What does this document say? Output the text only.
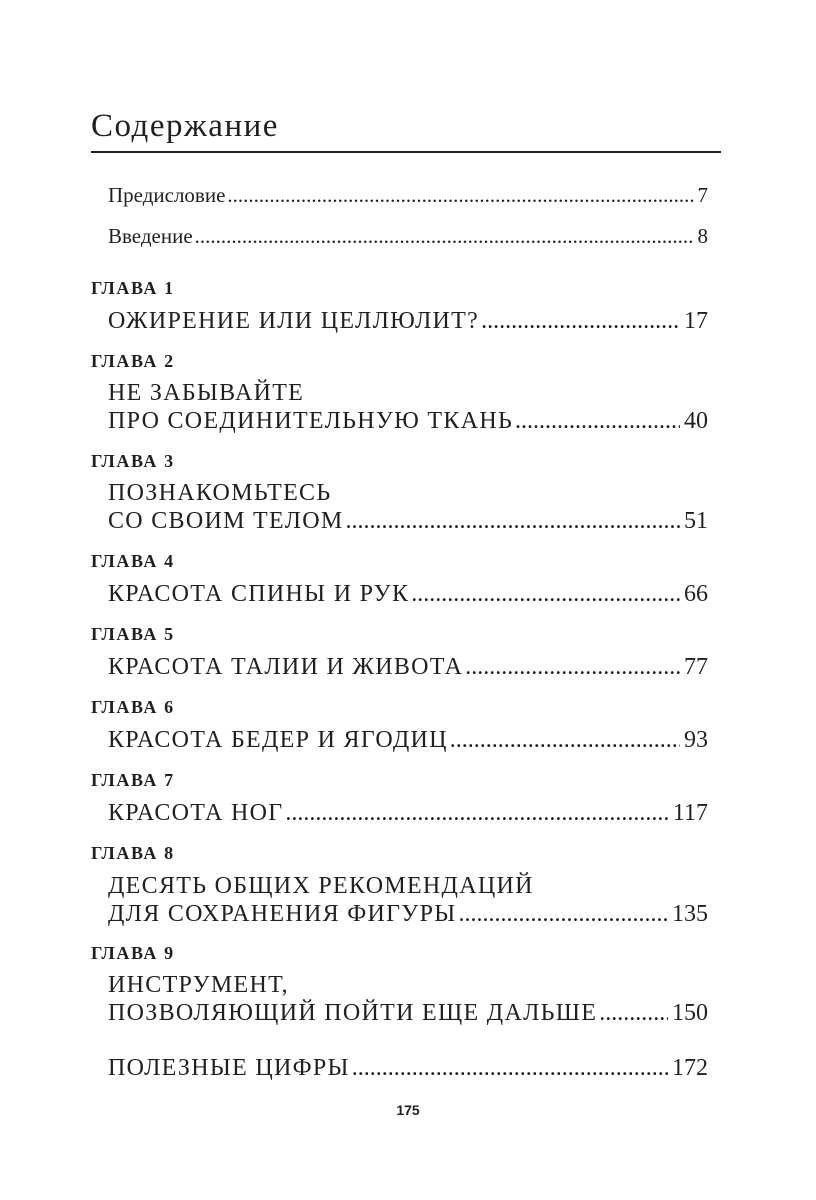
Содержание
Предисловие .....	7
Введение .....	8
ГЛАВА 1
ОЖИРЕНИЕ ИЛИ ЦЕЛЛЮЛИТ? .....	17
ГЛАВА 2
НЕ ЗАБЫВАЙТЕ
ПРО СОЕДИНИТЕЛЬНУЮ ТКАНЬ .....	40
ГЛАВА 3
ПОЗНАКОМЬТЕСЬ
СО СВОИМ ТЕЛОМ .....	51
ГЛАВА 4
КРАСОТА СПИНЫ И РУК .....	66
ГЛАВА 5
КРАСОТА ТАЛИИ И ЖИВОТА .....	77
ГЛАВА 6
КРАСОТА БЕДЕР И ЯГОДИЦ .....	93
ГЛАВА 7
КРАСОТА НОГ .....	117
ГЛАВА 8
ДЕСЯТЬ ОБЩИХ РЕКОМЕНДАЦИЙ
ДЛЯ СОХРАНЕНИЯ ФИГУРЫ .....	135
ГЛАВА 9
ИНСТРУМЕНТ,
ПОЗВОЛЯЮЩИЙ ПОЙТИ ЕЩЕ ДАЛЬШЕ .....	150
ПОЛЕЗНЫЕ ЦИФРЫ .....	172
175
